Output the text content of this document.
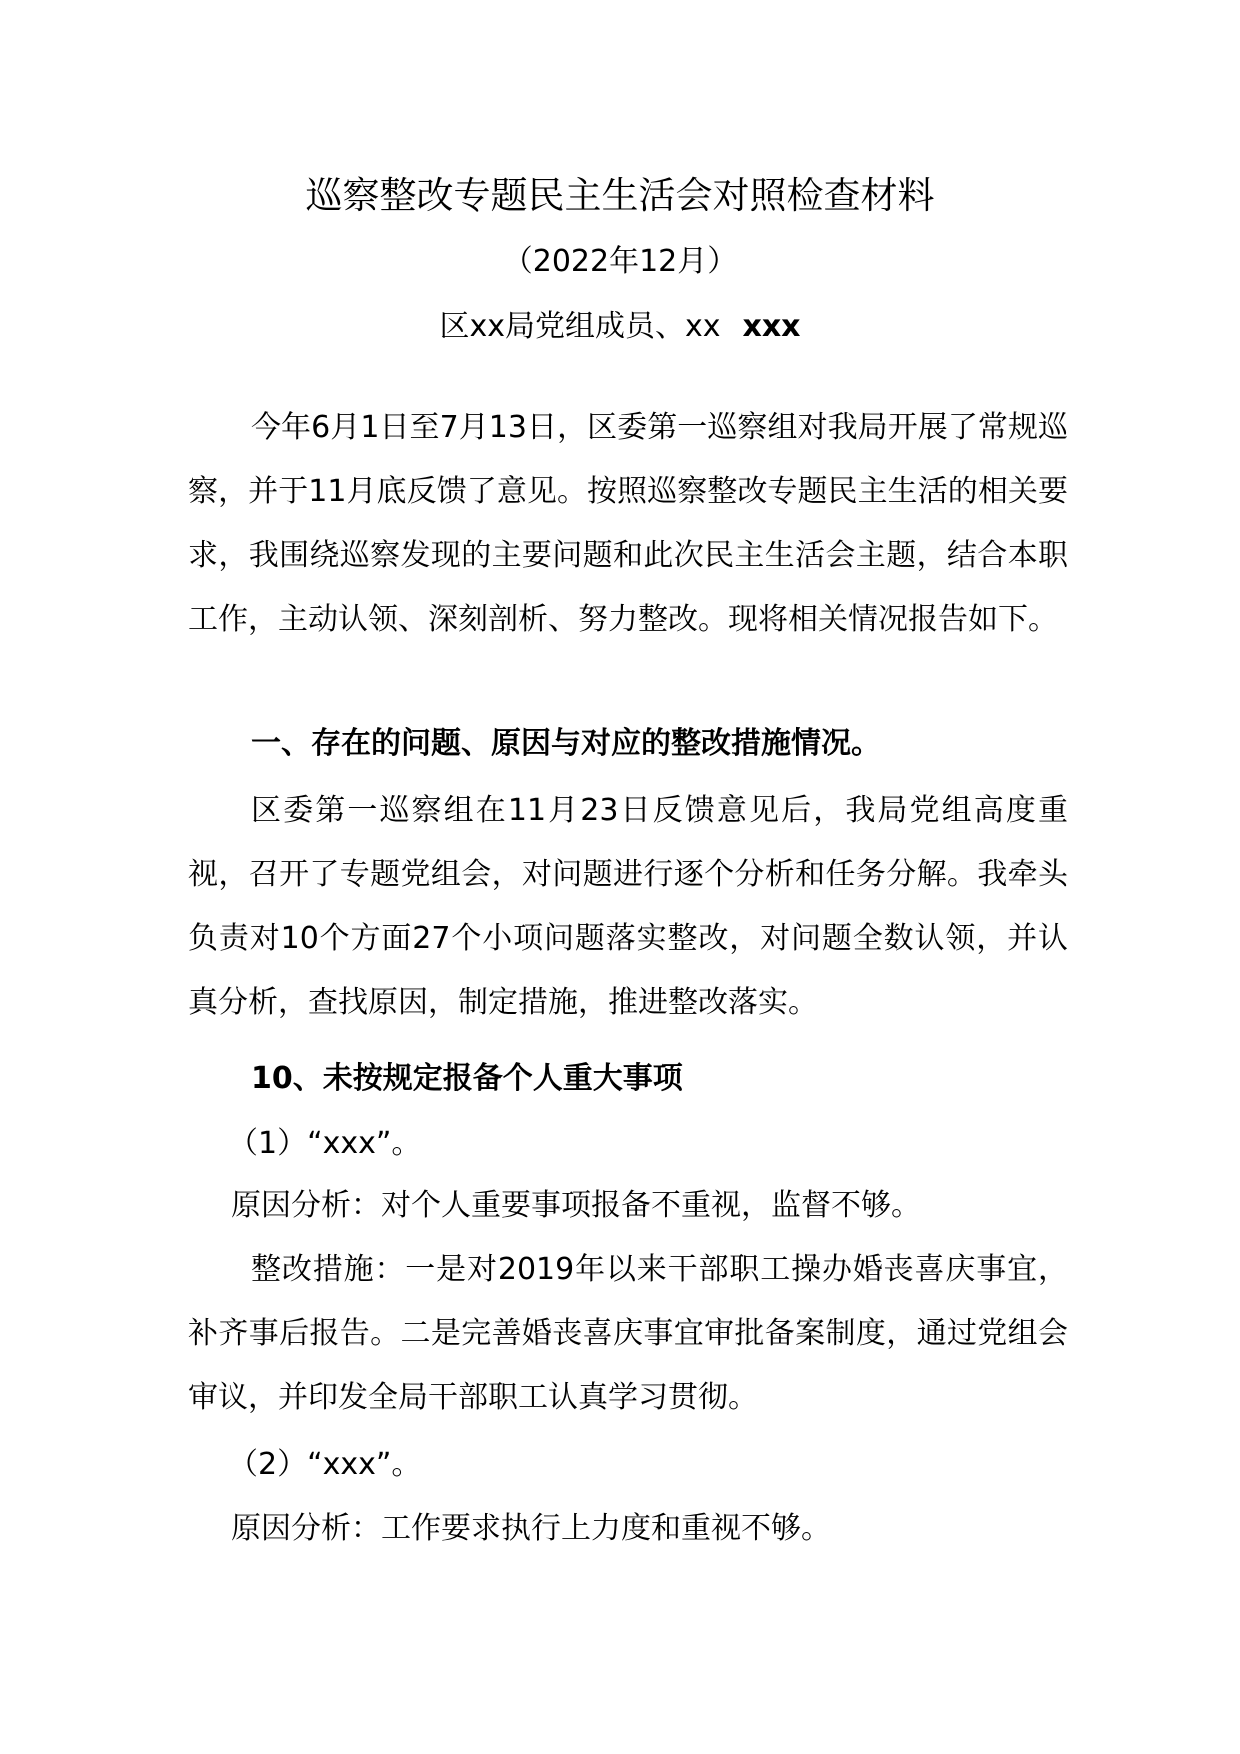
巡察整改专题民主生活会对照检查材料
（2022年12月）
区xx局党组成员、xx xxx

今年6月1日至7月13日，区委第一巡察组对我局开展了常规巡察，并于11月底反馈了意见。按照巡察整改专题民主生活的相关要求，我围绕巡察发现的主要问题和此次民主生活会主题，结合本职工作，主动认领、深刻剖析、努力整改。现将相关情况报告如下。

一、存在的问题、原因与对应的整改措施情况。

区委第一巡察组在11月23日反馈意见后，我局党组高度重视，召开了专题党组会，对问题进行逐个分析和任务分解。我牵头负责对10个方面27个小项问题落实整改，对问题全数认领，并认真分析，查找原因，制定措施，推进整改落实。

10、未按规定报备个人重大事项

（1）“xxx”。

原因分析：对个人重要事项报备不重视，监督不够。

整改措施：一是对2019年以来干部职工操办婚丧喜庆事宜，补齐事后报告。二是完善婚丧喜庆事宜审批备案制度，通过党组会审议，并印发全局干部职工认真学习贯彻。

（2）“xxx”。

原因分析：工作要求执行上力度和重视不够。
